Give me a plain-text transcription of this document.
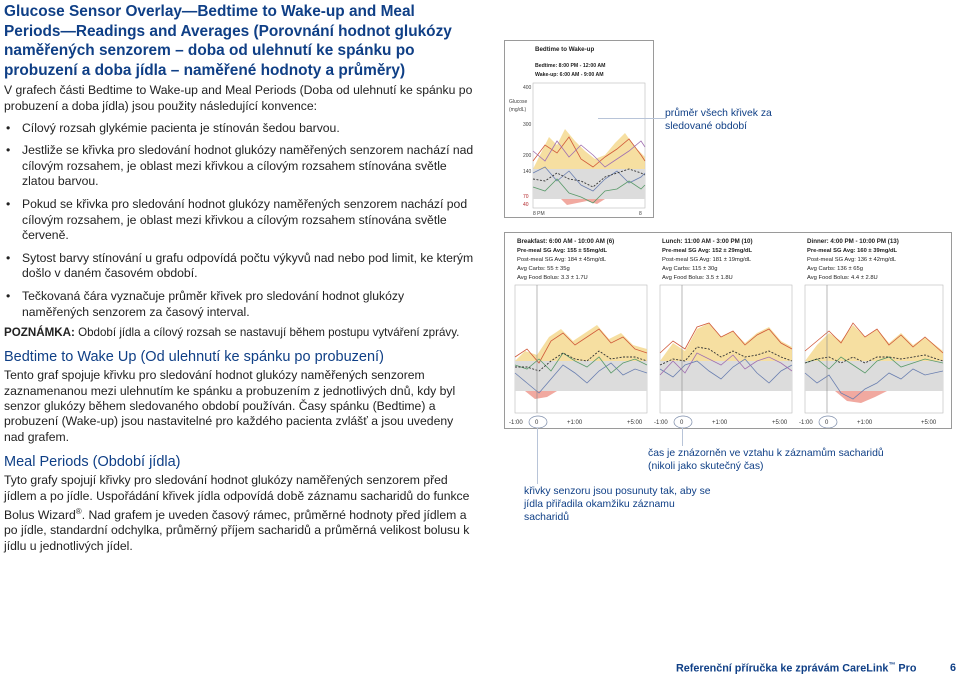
Glucose Sensor Overlay—Bedtime to Wake-up and Meal Periods—Readings and Averages (Porovnání hodnot glukózy naměřených senzorem – doba od ulehnutí ke spánku po probuzení a doba jídla – naměřené hodnoty a průměry)
V grafech části Bedtime to Wake-up and Meal Periods (Doba od ulehnutí ke spánku po probuzení a doba jídla) jsou použity následující konvence:
• Cílový rozsah glykémie pacienta je stínován šedou barvou.
• Jestliže se křivka pro sledování hodnot glukózy naměřených senzorem nachází nad cílovým rozsahem, je oblast mezi křivkou a cílovým rozsahem stínována světle zlatou barvou.
• Pokud se křivka pro sledování hodnot glukózy naměřených senzorem nachází pod cílovým rozsahem, je oblast mezi křivkou a cílovým rozsahem stínována světle červeně.
• Sytost barvy stínování u grafu odpovídá počtu výkyvů nad nebo pod limit, ke kterým došlo v daném časovém období.
• Tečkovaná čára vyznačuje průměr křivek pro sledování hodnot glukózy naměřených senzorem za časový interval.
POZNÁMKA: Období jídla a cílový rozsah se nastavují během postupu vytváření zprávy.
Bedtime to Wake Up (Od ulehnutí ke spánku po probuzení)
Tento graf spojuje křivku pro sledování hodnot glukózy naměřených senzorem zaznamenanou mezi ulehnutím ke spánku a probuzením z jednotlivých dnů, kdy byl senzor glukózy během sledovaného období používán. Časy spánku (Bedtime) a probuzení (Wake-up) jsou nastavitelné pro každého pacienta zvlášť a jsou uvedeny nad grafem.
Meal Periods (Období jídla)
Tyto grafy spojují křivky pro sledování hodnot glukózy naměřených senzorem před jídlem a po jídle. Uspořádání křivek jídla odpovídá době záznamu sacharidů do funkce Bolus Wizard®. Nad grafem je uveden časový rámec, průměrné hodnoty před jídlem a po jídle, standardní odchylka, průměrný příjem sacharidů a průměrná velikost bolusu k jídlu u jednotlivých jídel.
Bedtime to Wake-up
Bedtime: 8:00 PM - 12:00 AM
Wake-up: 6:00 AM - 9:00 AM
Glucose
(mg/dL)
400
300
200
140
70
40
8 PM	8
průměr všech křivek za sledované období
Breakfast: 6:00 AM - 10:00 AM (6)
Pre-meal SG Avg: 155 ± 55mg/dL
Post-meal SG Avg: 184 ± 45mg/dL
Avg Carbs: 55 ± 35g
Avg Food Bolus: 3.3 ± 1.7U
Lunch: 11:00 AM - 3:00 PM (10)
Pre-meal SG Avg: 152 ± 29mg/dL
Post-meal SG Avg: 181 ± 19mg/dL
Avg Carbs: 115 ± 30g
Avg Food Bolus: 3.5 ± 1.8U
Dinner: 4:00 PM - 10:00 PM (13)
Pre-meal SG Avg: 160 ± 39mg/dL
Post-meal SG Avg: 136 ± 42mg/dL
Avg Carbs: 136 ± 65g
Avg Food Bolus: 4.4 ± 2.8U
-1:00 0	+1:00	+5:00 -1:00 0	+1:00	+5:00 -1:00 0	+1:00	+5:00
čas je znázorněn ve vztahu k záznamům sacharidů (nikoli jako skutečný čas)
křivky senzoru jsou posunuty tak, aby se jídla přiřadila okamžiku záznamu sacharidů
Referenční příručka ke zprávám CareLink™ Pro	6
